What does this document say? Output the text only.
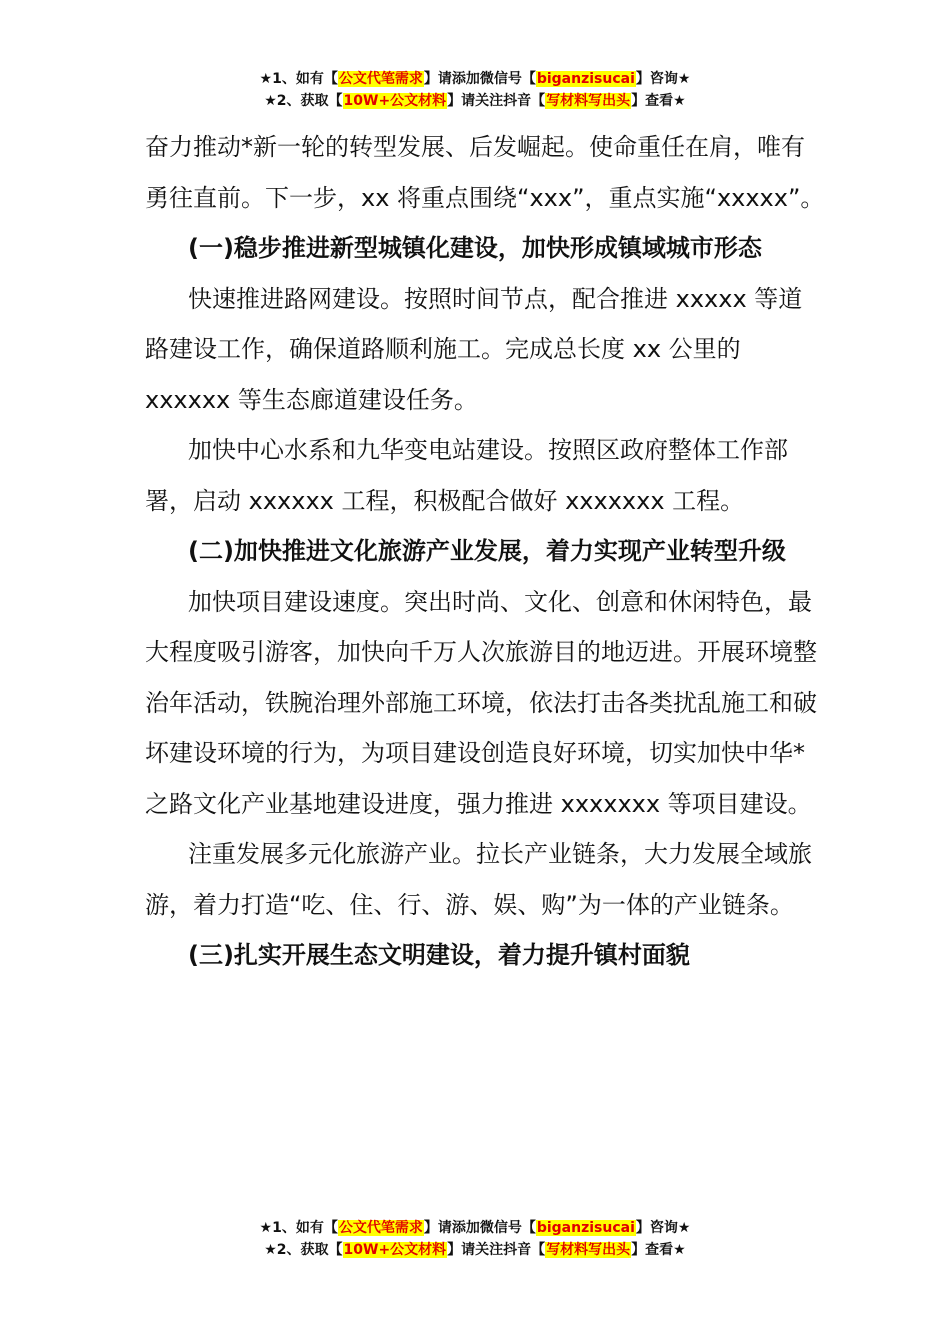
★1、如有【公文代笔需求】请添加微信号【biganzisucai】咨询★
★2、获取【10W+公文材料】请关注抖音【写材料写出头】查看★

奋力推动*新一轮的转型发展、后发崛起。使命重任在肩，唯有勇往直前。下一步，xx 将重点围绕“xxx”，重点实施“xxxxx”。

(一)稳步推进新型城镇化建设，加快形成镇域城市形态

快速推进路网建设。按照时间节点，配合推进 xxxxx 等道路建设工作，确保道路顺利施工。完成总长度 xx 公里的 xxxxxx 等生态廊道建设任务。

加快中心水系和九华变电站建设。按照区政府整体工作部署，启动 xxxxxx 工程，积极配合做好 xxxxxxx 工程。

(二)加快推进文化旅游产业发展，着力实现产业转型升级

加快项目建设速度。突出时尚、文化、创意和休闲特色，最大程度吸引游客，加快向千万人次旅游目的地迈进。开展环境整治年活动，铁腕治理外部施工环境，依法打击各类扰乱施工和破坏建设环境的行为，为项目建设创造良好环境，切实加快中华*之路文化产业基地建设进度，强力推进 xxxxxxx 等项目建设。

注重发展多元化旅游产业。拉长产业链条，大力发展全域旅游，着力打造“吃、住、行、游、娱、购”为一体的产业链条。

(三)扎实开展生态文明建设，着力提升镇村面貌

★1、如有【公文代笔需求】请添加微信号【biganzisucai】咨询★
★2、获取【10W+公文材料】请关注抖音【写材料写出头】查看★
